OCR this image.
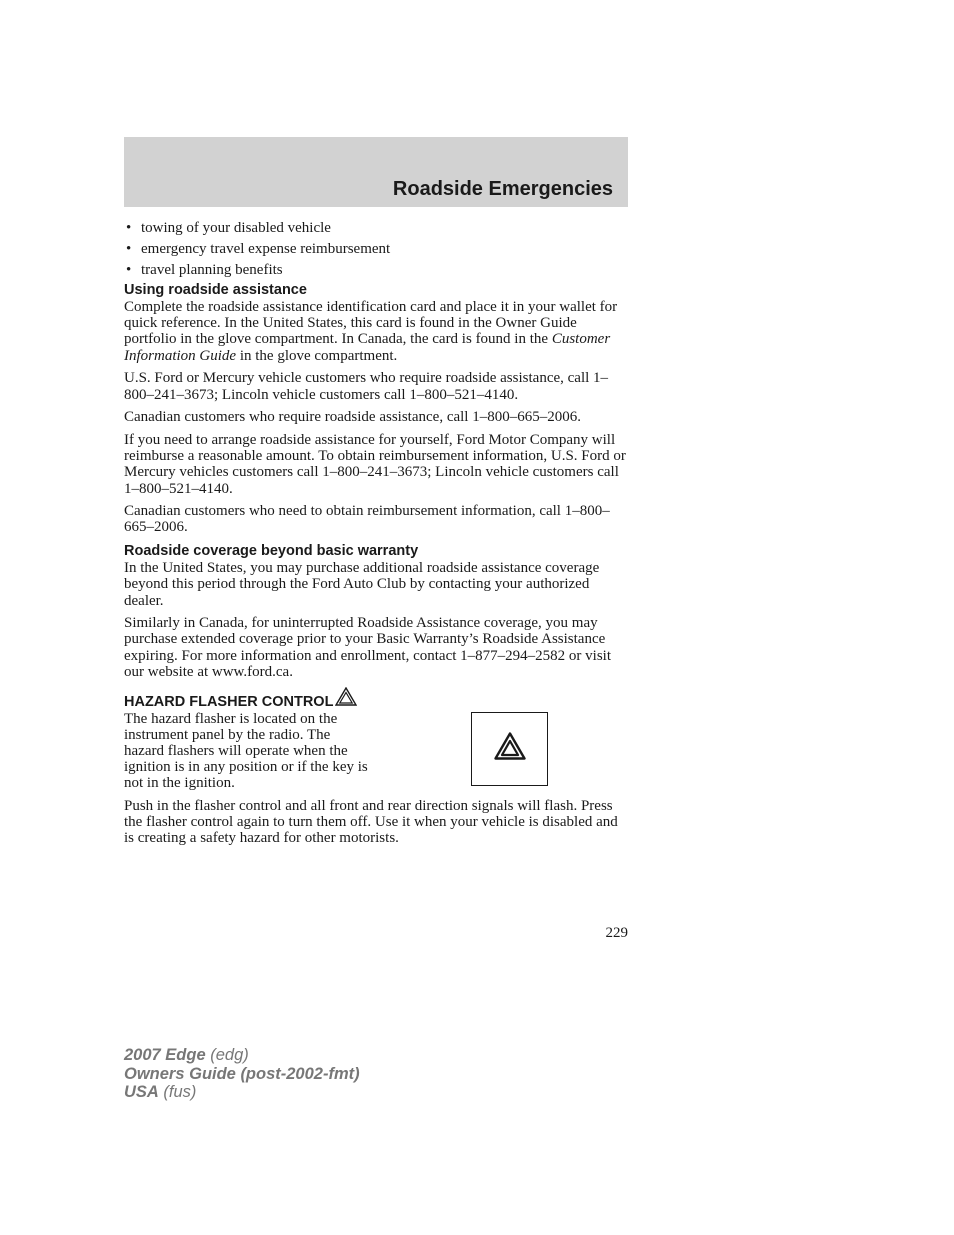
Roadside Emergencies
• towing of your disabled vehicle
• emergency travel expense reimbursement
• travel planning benefits
Using roadside assistance

Complete the roadside assistance identification card and place it in your wallet for quick reference. In the United States, this card is found in the Owner Guide portfolio in the glove compartment. In Canada, the card is found in the Customer Information Guide in the glove compartment.

U.S. Ford or Mercury vehicle customers who require roadside assistance, call 1–800–241–3673; Lincoln vehicle customers call 1–800–521–4140.

Canadian customers who require roadside assistance, call 1–800–665–2006.

If you need to arrange roadside assistance for yourself, Ford Motor Company will reimburse a reasonable amount. To obtain reimbursement information, U.S. Ford or Mercury vehicles customers call 1–800–241–3673; Lincoln vehicle customers call 1–800–521–4140.

Canadian customers who need to obtain reimbursement information, call 1–800–665–2006.

Roadside coverage beyond basic warranty

In the United States, you may purchase additional roadside assistance coverage beyond this period through the Ford Auto Club by contacting your authorized dealer.

Similarly in Canada, for uninterrupted Roadside Assistance coverage, you may purchase extended coverage prior to your Basic Warranty’s Roadside Assistance expiring. For more information and enrollment, contact 1–877–294–2582 or visit our website at www.ford.ca.

HAZARD FLASHER CONTROL

The hazard flasher is located on the instrument panel by the radio. The hazard flashers will operate when the ignition is in any position or if the key is not in the ignition.

Push in the flasher control and all front and rear direction signals will flash. Press the flasher control again to turn them off. Use it when your vehicle is disabled and is creating a safety hazard for other motorists.

229
2007 Edge (edg)
Owners Guide (post-2002-fmt)
USA (fus)
